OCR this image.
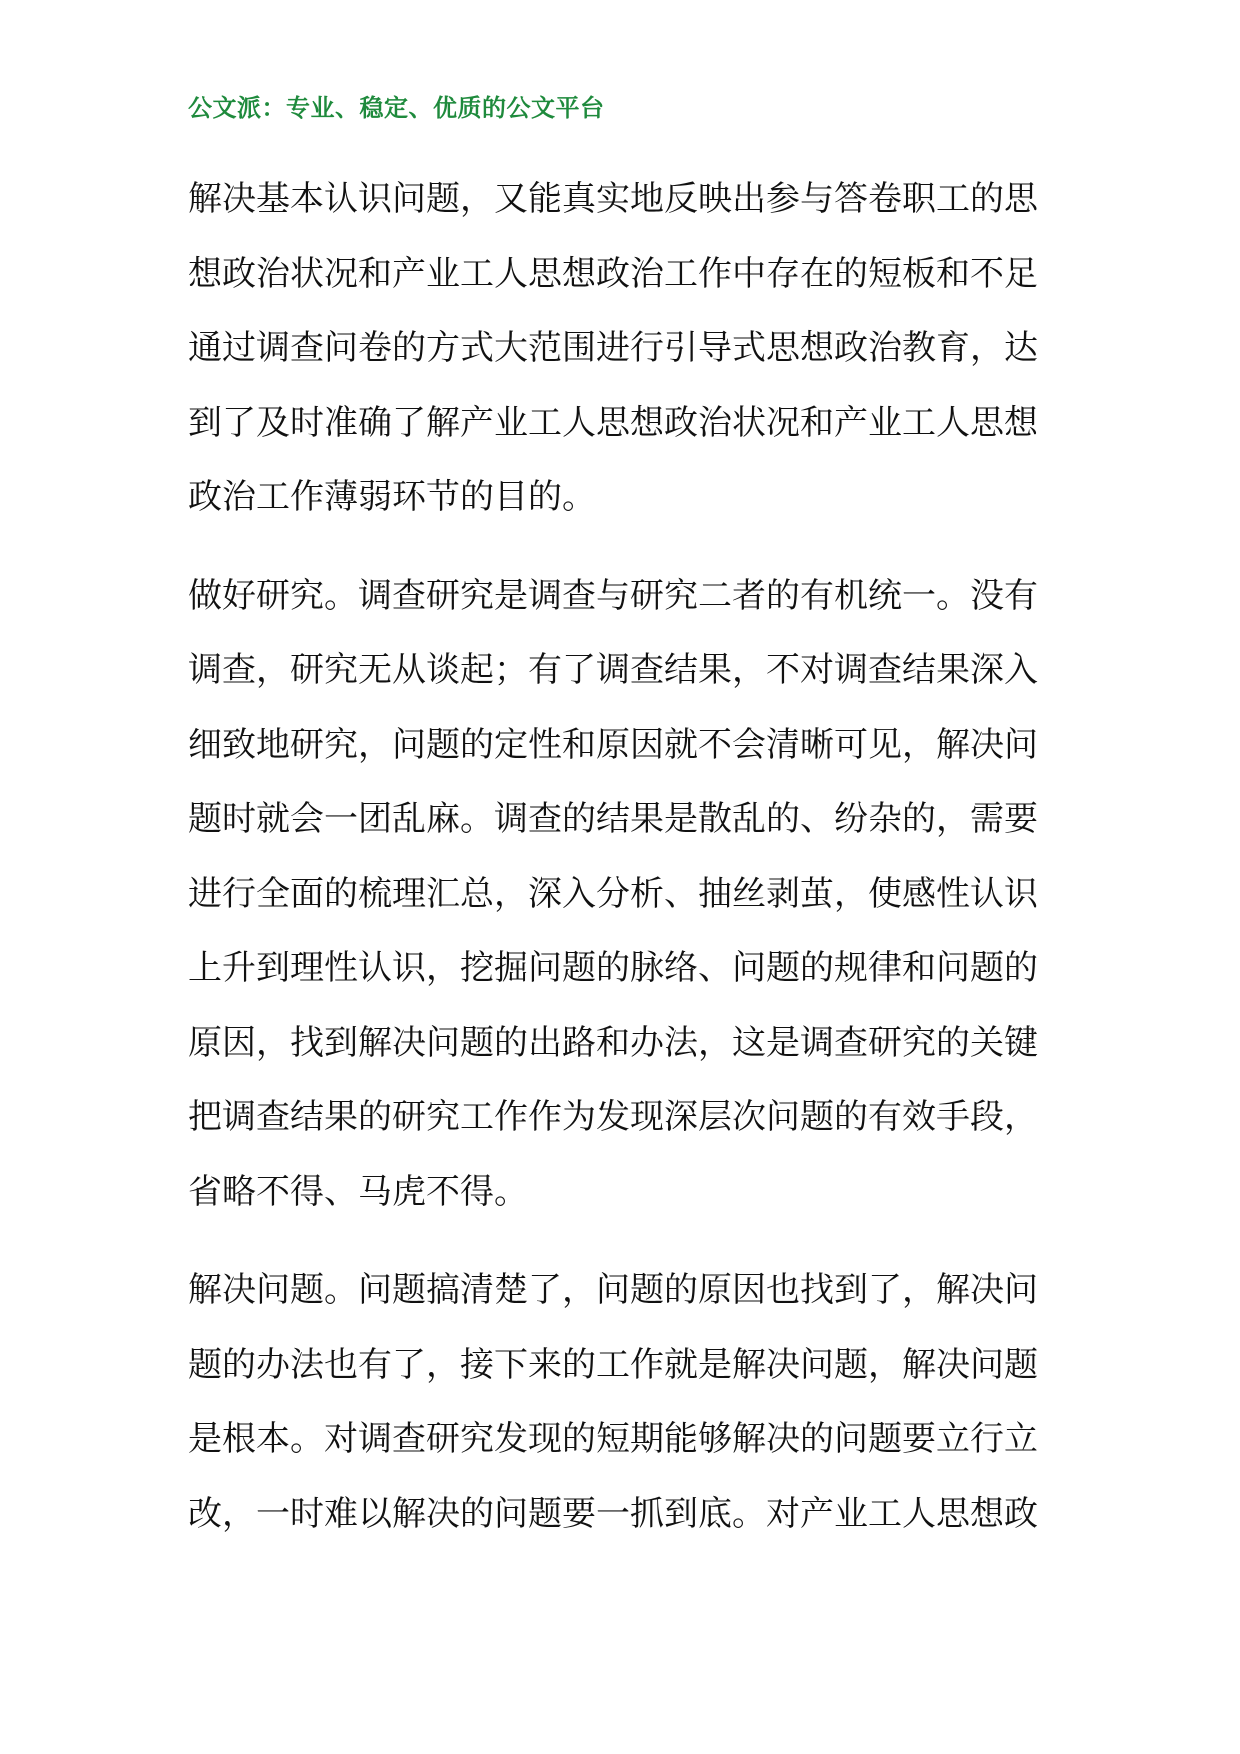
公文派：专业、稳定、优质的公文平台
解决基本认识问题，又能真实地反映出参与答卷职工的思
想政治状况和产业工人思想政治工作中存在的短板和不足
通过调查问卷的方式大范围进行引导式思想政治教育，达
到了及时准确了解产业工人思想政治状况和产业工人思想
政治工作薄弱环节的目的。
做好研究。调查研究是调查与研究二者的有机统一。没有
调查，研究无从谈起；有了调查结果，不对调查结果深入
细致地研究，问题的定性和原因就不会清晰可见，解决问
题时就会一团乱麻。调查的结果是散乱的、纷杂的，需要
进行全面的梳理汇总，深入分析、抽丝剥茧，使感性认识
上升到理性认识，挖掘问题的脉络、问题的规律和问题的
原因，找到解决问题的出路和办法，这是调查研究的关键
把调查结果的研究工作作为发现深层次问题的有效手段，
省略不得、马虎不得。
解决问题。问题搞清楚了，问题的原因也找到了，解决问
题的办法也有了，接下来的工作就是解决问题，解决问题
是根本。对调查研究发现的短期能够解决的问题要立行立
改，一时难以解决的问题要一抓到底。对产业工人思想政
